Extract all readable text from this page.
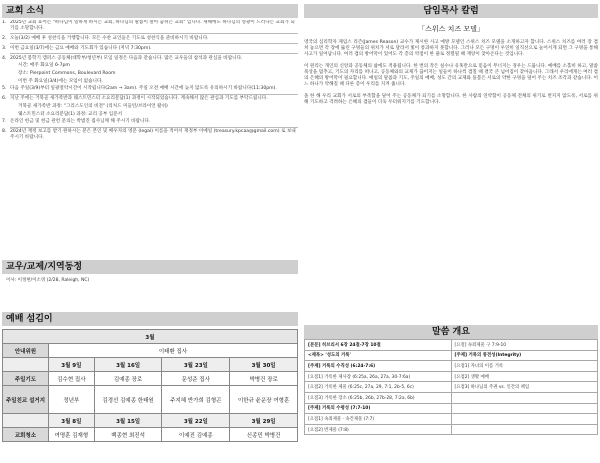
교회 소식
1. 2025년 교회 표어는 "하나님이 일하게 하시는 교회, 하나님의 말씀이 살아 숨쉬는 교회" 입니다. 새해에도 하나님의 영광이 드러나는 교회가 되기를 소망합니다.
2. 오늘(3/2) 예배 후 성찬식을 거행합니다. 모든 수찬 교인들은 기도로 성찬식을 준비하시기 바랍니다.
3. 이번 금요일(3/7)에는 금요 예배와 기도회가 있습니다 (저녁 7:30pm).
4. 2025년 봄학기 캠퍼스 공동체(대학부/청년부) 모임 일정은 다음과 같습니다. 많은 교우들의 참석과 관심을 바랍니다.
시간: 매주 화요일 6-7pm
장소: Pierpoint Commons, Boulevard Room
이번 주 화요일(3/4)에는 모임이 없습니다.
5. 다음 주일(3/9)부터 일광절약시간이 시작됩니다(2am → 3am). 주일 오전 예배 시간에 늦지 않도록 유의하시기 바랍니다(11:30pm).
6. 지난 주에는 거북골 새가족반과 웨스트민스터 소요리문답(1) 과정이 시작되었습니다. 계속해서 많은 관심과 기도를 부탁드립니다.
거북골 새가족반 과정: "그리스도인의 비전" (리처드 미들턴/브라이언 왈쉬)
웨스트민스터 소요리문답(1) 과정: 교리 공부 입문서
7. 온라인 헌금 및 헌금 관련 문의는 박범진 집사님께 해 주시기 바랍니다.
8. 2024년 재정 보고를 받기 원하시는 분은 본인 및 배우자의 영문 (legal) 이름을 적어서 재정부 이메일 (treasury.kpcaa@gmail.com) 로 보내주시기 바랍니다.
담임목사 칼럼
「스위스 치즈 모델」
영국의 심리학자 제임스 리즌(James Reason) 교수가 제시한 사고 예방 모델인 스위스 치즈 모델을 소개하고자 합니다. 스위스 치즈를 여러 장 겹쳐 놓으면 각 장에 뚫린 구멍들의 위치가 서로 달라서 빛이 통과하지 못합니다. 그러나 모든 구멍이 우연히 일직선으로 늘어서게 되면 그 구멍을 통해 사고가 일어납니다. 여러 겹의 방어막이 있어도 각 층의 약점이 한 줄로 정렬될 때 재앙이 찾아온다는 것입니다.
이 원리는 개인의 신앙과 공동체의 삶에도 적용됩니다. 한 번의 작은 실수나 유혹만으로 믿음이 무너지는 경우는 드뭅니다. 예배를 소홀히 하고, 말씀 묵상을 멈추고, 기도의 자리를 떠나고, 공동체와의 교제가 끊어지는 일들이 하나씩 겹칠 때 결국 큰 넘어짐이 찾아옵니다. 그래서 우리에게는 여러 겹의 은혜의 방어막이 필요합니다. 매일의 말씀과 기도, 주일의 예배, 성도 간의 교제와 돌봄은 서로의 약한 구멍을 덮어 주는 치즈 조각과 같습니다. 어느 하나가 약해질 때 다른 층이 우리를 지켜 줍니다.
올 한 해 우리 교회가 서로의 부족함을 덮어 주는 공동체가 되기를 소망합니다. 한 사람의 연약함이 공동체 전체의 위기로 번지지 않도록, 서로를 위해 기도하고 격려하는 은혜의 겹들이 더욱 두터워지기를 기도합니다.
교우/교제/지역동정
이사: 이정현/이소영 (2/28, Raleigh, NC)
예배 섬김이
3월				
안내위원	이태환 집사			
	3월 9일	3월 16일	3월 23일	3월 30일
주일기도	김수현 집사	김예종 장로	문성준 집사	박병건 장로
주일친교 설거지	정년부	김경선 김예종 한태원	주지혜 반가희 김형곤	이한규 윤운장 여형훈
	3월 8일	3월 15일	3월 22일	3월 29일
교회청소	여명훈 김재형	백종현 최진석	이예진 김예종	신종민 박병건
말씀 개요
[본문] 히브리서 6장 24절-7장 10절	[요절] 속죄제물 구 7:9-10
<제목> '성도의 거룩'	[주제] 거룩의 통전성(Integrity)
[주제] 거룩의 수직성 (6:24-7:6)	[요점1] 자녀의 이름 거룩
[요점1] 거룩한 제사장 (6:25a, 26a, 27a, 30-7:6a)	[요점2] 생활 예배
[요점2] 거룩한 제물 (6:25c, 27a, 29, 7:1, 2b-5, 6c)	[요점3] 하나님의 주권 vs. 인간의 책임
[요점3] 거룩한 장소 (6:25b, 26b, 27b-28, 7:2a, 6b)	
[주제] 거룩의 수평성 (7:7-10)	
[요점1] 속죄제물 · 속건제물 (7:7)	
[요점2] 번제물 (7:8)	
